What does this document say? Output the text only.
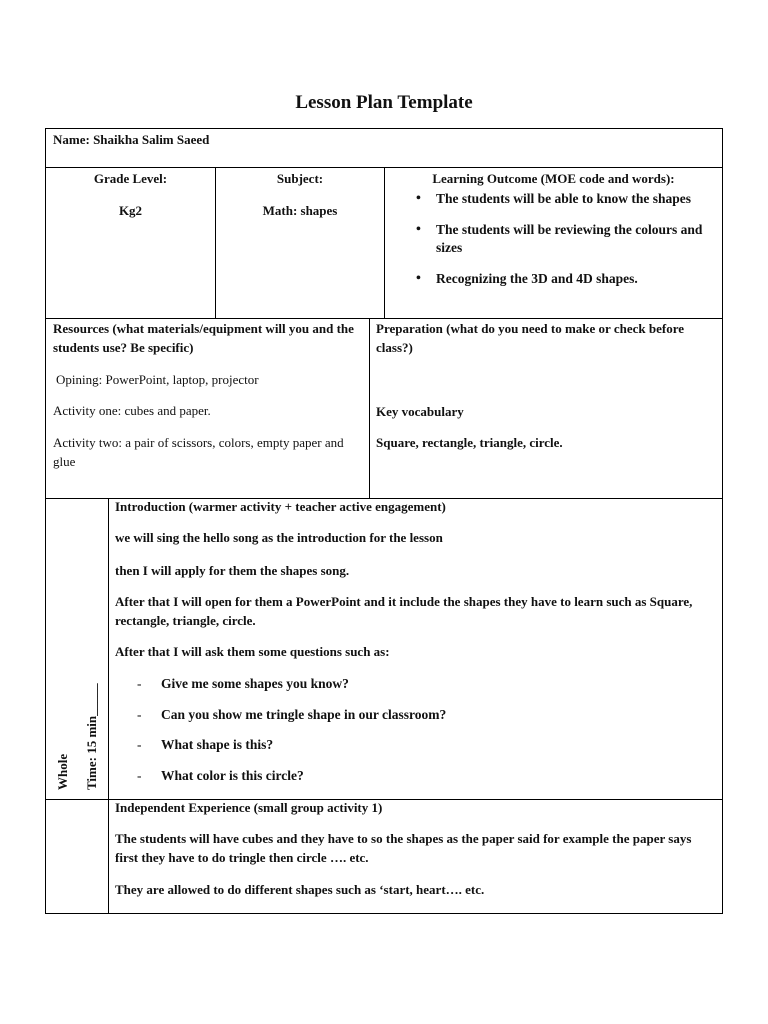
Lesson Plan Template
Name: Shaikha Salim Saeed
Grade Level:
Kg2
Subject:
Math: shapes
Learning Outcome (MOE code and words):
• The students will be able to know the shapes
• The students will be reviewing the colours and sizes
• Recognizing the 3D and 4D shapes.
Resources (what materials/equipment will you and the students use? Be specific)
Opining: PowerPoint, laptop, projector
Activity one: cubes and paper.
Activity two: a pair of scissors, colors, empty paper and glue
Preparation (what do you need to make or check before class?)
Key vocabulary
Square, rectangle, triangle, circle.
Whole Time: 15 min_____
Introduction (warmer activity + teacher active engagement)
we will sing the hello song as the introduction for the lesson
then I will apply for them the shapes song.
After that I will open for them a PowerPoint and it include the shapes they have to learn such as Square, rectangle, triangle, circle.
After that I will ask them some questions such as:
- Give me some shapes you know?
- Can you show me tringle shape in our classroom?
- What shape is this?
- What color is this circle?
Independent Experience (small group activity 1)
The students will have cubes and they have to so the shapes as the paper said for example the paper says first they have to do tringle then circle …. etc.
They are allowed to do different shapes such as ‘start, heart…. etc.
